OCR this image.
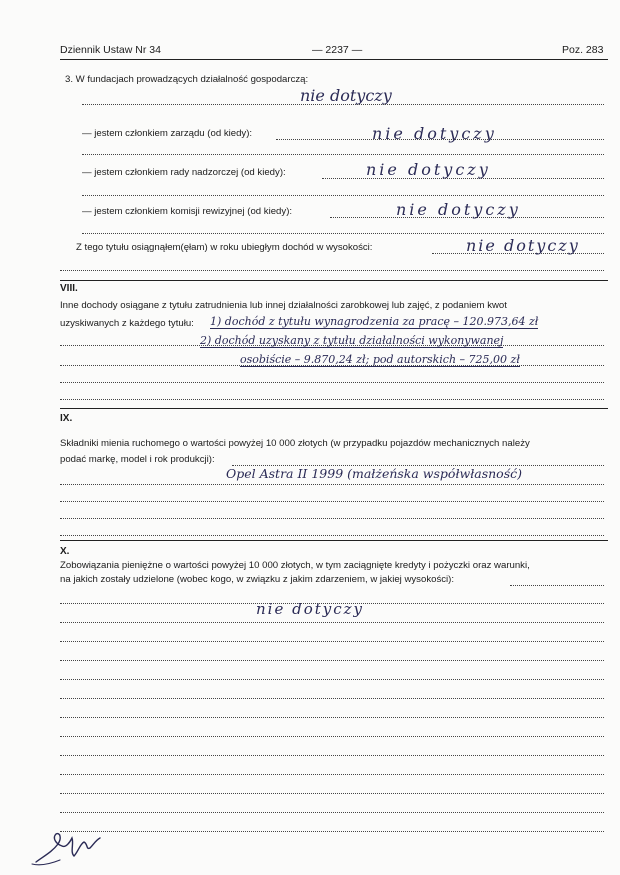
Dziennik Ustaw Nr 34	— 2237 —	Poz. 283
3. W fundacjach prowadzących działalność gospodarczą:
nie dotyczy
— jestem członkiem zarządu (od kiedy):	nie dotyczy
— jestem członkiem rady nadzorczej (od kiedy):	nie dotyczy
— jestem członkiem komisji rewizyjnej (od kiedy):	nie dotyczy
Z tego tytułu osiągnąłem(ęłam) w roku ubiegłym dochód w wysokości:	nie dotyczy
VIII.
Inne dochody osiągane z tytułu zatrudnienia lub innej działalności zarobkowej lub zajęć, z podaniem kwot
uzyskiwanych z każdego tytułu: 1) dochód z tytułu wynagrodzenia za pracę – 120.973,64 zł
2) dochód uzyskany z tytułu działalności wykonywanej
osobiście – 9.870,24 zł; pod autorskich – 725,00 zł
IX.
Składniki mienia ruchomego o wartości powyżej 10 000 złotych (w przypadku pojazdów mechanicznych należy
podać markę, model i rok produkcji):
Opel Astra II 1999 (małżeńska współwłasność)
X.
Zobowiązania pieniężne o wartości powyżej 10 000 złotych, w tym zaciągnięte kredyty i pożyczki oraz warunki,
na jakich zostały udzielone (wobec kogo, w związku z jakim zdarzeniem, w jakiej wysokości):
nie dotyczy
